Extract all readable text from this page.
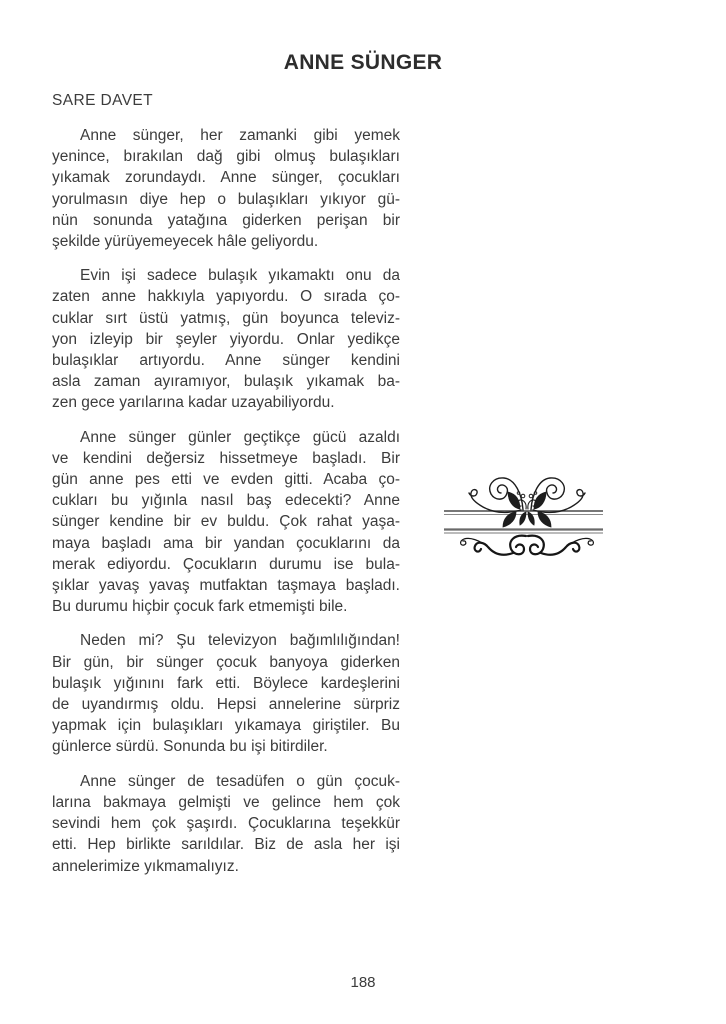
ANNE SÜNGER
SARE DAVET
Anne sünger, her zamanki gibi yemek
yenince, bırakılan dağ gibi olmuş bulaşıkları
yıkamak zorundaydı. Anne sünger, çocukları
yorulmasın diye hep o bulaşıkları yıkıyor gü-
nün sonunda yatağına giderken perişan bir
şekilde yürüyemeyecek hâle geliyordu.
Evin işi sadece bulaşık yıkamaktı onu da
zaten anne hakkıyla yapıyordu. O sırada ço-
cuklar sırt üstü yatmış, gün boyunca televiz-
yon izleyip bir şeyler yiyordu. Onlar yedikçe
bulaşıklar artıyordu. Anne sünger kendini
asla zaman ayıramıyor, bulaşık yıkamak ba-
zen gece yarılarına kadar uzayabiliyordu.
Anne sünger günler geçtikçe gücü azaldı
ve kendini değersiz hissetmeye başladı. Bir
gün anne pes etti ve evden gitti. Acaba ço-
cukları bu yığınla nasıl baş edecekti? Anne
sünger kendine bir ev buldu. Çok rahat yaşa-
maya başladı ama bir yandan çocuklarını da
merak ediyordu. Çocukların durumu ise bula-
şıklar yavaş yavaş mutfaktan taşmaya başladı.
Bu durumu hiçbir çocuk fark etmemişti bile.
Neden mi? Şu televizyon bağımlılığından!
Bir gün, bir sünger çocuk banyoya giderken
bulaşık yığınını fark etti. Böylece kardeşlerini
de uyandırmış oldu. Hepsi annelerine sürpriz
yapmak için bulaşıkları yıkamaya giriştiler. Bu
günlerce sürdü. Sonunda bu işi bitirdiler.
Anne sünger de tesadüfen o gün çocuk-
larına bakmaya gelmişti ve gelince hem çok
sevindi hem çok şaşırdı. Çocuklarına teşekkür
etti. Hep birlikte sarıldılar. Biz de asla her işi
annelerimize yıkmamalıyız.
188
